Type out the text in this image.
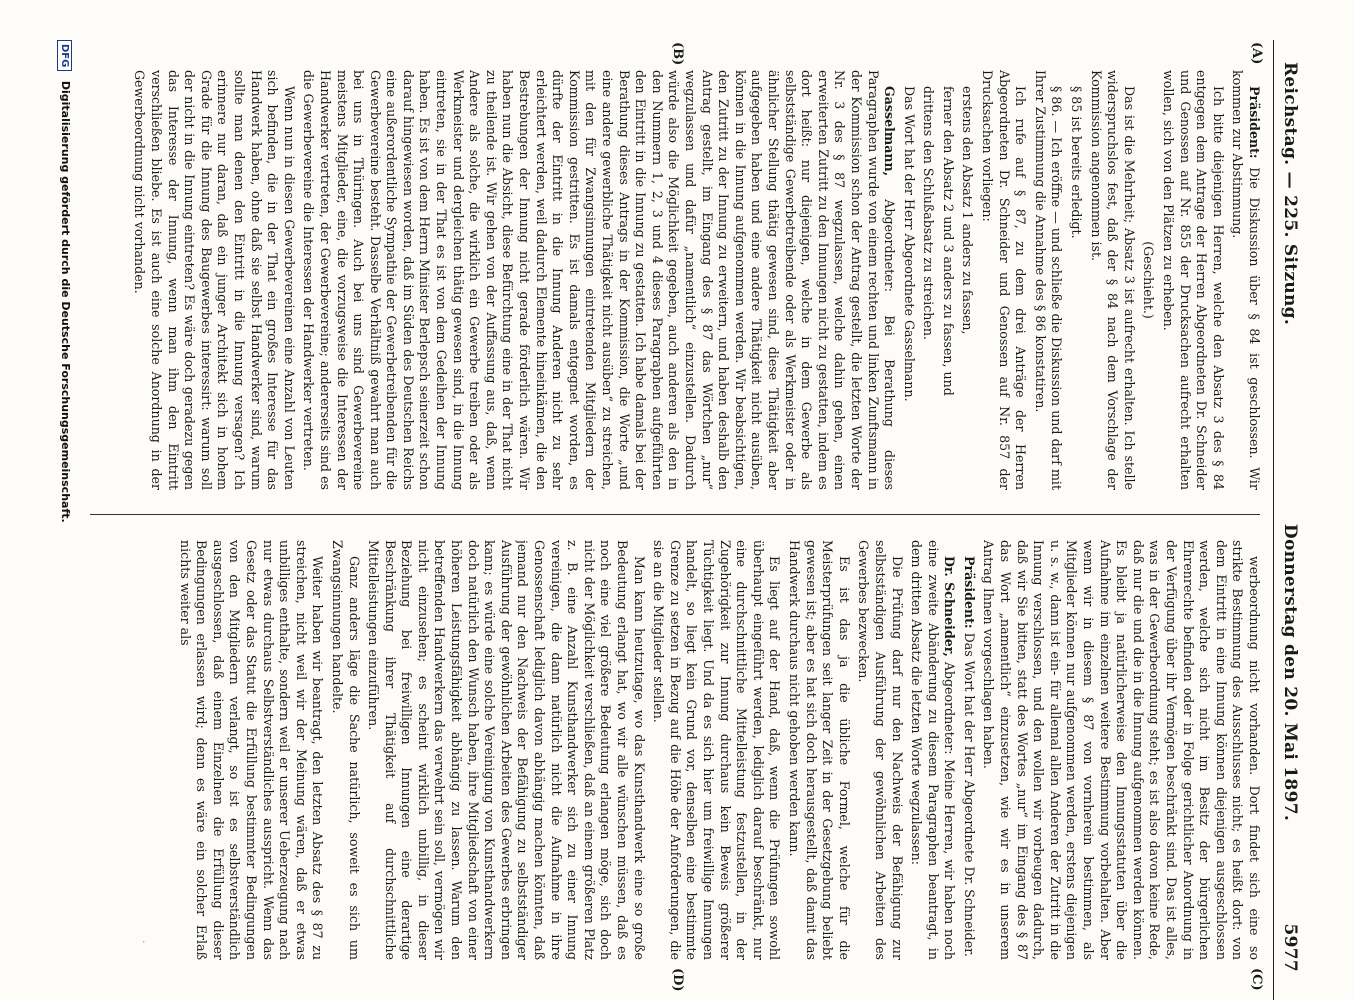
Reichstag. — 225. Sitzung.
Donnerstag den 20. Mai 1897.  5977
(A)
(B)
(C)
(D)

Präsident: Die Diskussion über § 84 ist geschlossen. Wir kommen zur Abstimmung.

Ich bitte diejenigen Herren, welche den Absatz 3 des § 84 entgegen dem Antrage der Herren Abgeordneten Dr. Schneider und Genossen auf Nr. 855 der Drucksachen aufrecht erhalten wollen, sich von den Plätzen zu erheben.

(Geschieht.)

Das ist die Mehrheit; Absatz 3 ist aufrecht erhalten. Ich stelle widerspruchslos fest, daß der § 84 nach dem Vorschlage der Kommission angenommen ist.

§ 85 ist bereits erledigt.

§ 86. — Ich eröffne — und schließe die Diskussion und darf mit Ihrer Zustimmung die Annahme des § 86 konstatiren.

Ich rufe auf § 87, zu dem drei Anträge der Herren Abgeordneten Dr. Schneider und Genossen auf Nr. 857 der Drucksachen vorliegen:

erstens den Absatz 1 anders zu fassen,

ferner den Absatz 2 und 3 anders zu fassen, und

drittens den Schlußabsatz zu streichen.

Das Wort hat der Herr Abgeordnete Gasselmann.

Gasselmann, Abgeordneter: Bei Berathung dieses Paragraphen wurde von einem rechten und linken Zunftsmann in der Kommission schon der Antrag gestellt, die letzten Worte der Nr. 3 des § 87 wegzulassen, welche dahin gehen, einen erweiterten Zutritt zu den Innungen nicht zu gestatten, indem es dort heißt: nur diejenigen, welche in dem Gewerbe als selbstständige Gewerbetreibende oder als Werkmeister oder in ähnlicher Stellung thätig gewesen sind, diese Thätigkeit aber aufgegeben haben und eine andere Thätigkeit nicht ausüben, können in die Innung aufgenommen werden. Wir beabsichtigen, den Zutritt zu der Innung zu erweitern, und haben deshalb den Antrag gestellt, im Eingang des § 87 das Wörtchen „nur“ wegzulassen und dafür „namentlich“ einzustellen. Dadurch würde also die Möglichkeit gegeben, auch anderen als den in den Nummern 1, 2, 3 und 4 dieses Paragraphen aufgeführten den Eintritt in die Innung zu gestatten. Ich habe damals bei der Berathung dieses Antrags in der Kommission, die Worte „und eine andere gewerbliche Thätigkeit nicht ausüben“ zu streichen, mit den für Zwangsinnungen eintretenden Mitgliedern der Kommission gestritten. Es ist damals entgegnet worden, es dürfte der Eintritt in die Innung Anderen nicht zu sehr erleichtert werden, weil dadurch Elemente hineinkämen, die den Bestrebungen der Innung nicht gerade förderlich wären. Wir haben nun die Absicht, diese Befürchtung eine in der That nicht zu theilende ist. Wir gehen von der Auffassung aus, daß, wenn Andere als solche, die wirklich ein Gewerbe treiben oder als Werkmeister und dergleichen thätig gewesen sind, in die Innung eintreten, sie in der That es ist von dem Gedeihen der Innung haben. Es ist von dem Herrn Minister Berlepsch seinerzeit schon darauf hingewiesen worden, daß im Süden des Deutschen Reichs eine außerordentliche Sympathie der Gewerbetreibenden für die Gewerbevereine besteht. Dasselbe Verhältniß gewahrt man auch bei uns in Thüringen. Auch bei uns sind Gewerbevereine meistens Mitglieder, eine, die vorzugsweise die Interessen der Handwerker vertreten, der Gewerbevereine; andererseits sind es die Gewerbevereine die Interessen der Handwerker vertreten.

Wenn nun in diesen Gewerbevereinen eine Anzahl von Leuten sich befinden, die in der That ein großes Interesse für das Handwerk haben, ohne daß sie selbst Handwerker sind, warum sollte man denen den Eintritt in die Innung versagen? Ich erinnere nur daran, daß ein junger Architekt sich in hohem Grade für die Innung des Baugewerbes interessirt: warum soll der nicht in die Innung eintreten? Es wäre doch geradezu gegen das Interesse der Innung, wenn man ihm den Eintritt verschließen bliebe. Es ist auch eine solche Anordnung in der Gewerbeordnung nicht vorhanden.

werbeordnung nicht vorhanden. Dort findet sich eine so strikte Bestimmung des Ausschlusses nicht; es heißt dort: von dem Eintritt in eine Innung können diejenigen ausgeschlossen werden, welche sich nicht im Besitz der bürgerlichen Ehrenrechte befinden oder in Folge gerichtlicher Anordnung in der Verfügung über ihr Vermögen beschränkt sind. Das ist alles, was in der Gewerbeordnung steht; es ist also davon keine Rede, daß nur die und die in die Innung aufgenommen werden können. Es bleibt ja natürlicherweise den Innungsstatuten über die Aufnahme im einzelnen weitere Bestimmung vorbehalten. Aber wenn wir in diesem § 87 von vornherein bestimmen, als Mitglieder können nur aufgenommen werden, erstens diejenigen u. s. w., dann ist ein- für allemal allen Anderen der Zutritt in die Innung verschlossen, und den wollen wir vorbeugen dadurch, daß wir Sie bitten, statt des Wortes „nur“ im Eingang des § 87 das Wort „namentlich“ einzusetzen, wie wir es in unserem Antrag Ihnen vorgeschlagen haben.

Präsident: Das Wort hat der Herr Abgeordnete Dr. Schneider.

Dr. Schneider, Abgeordneter: Meine Herren, wir haben noch eine zweite Abänderung zu diesem Paragraphen beantragt, in dem dritten Absatz die letzten Worte wegzulassen:

Die Prüfung darf nur den Nachweis der Befähigung zur selbstständigen Ausführung der gewöhnlichen Arbeiten des Gewerbes bezwecken.

Es ist das ja die übliche Formel, welche für die Meisterprüfungen seit langer Zeit in der Gesetzgebung beliebt gewesen ist; aber es hat sich doch herausgestellt, daß damit das Handwerk durchaus nicht gehoben werden kann.

Es liegt auf der Hand, daß, wenn die Prüfungen sowohl überhaupt eingeführt werden, lediglich darauf beschränkt, nur eine durchschnittliche Mittelleistung festzustellen, in der Zugehörigkeit zur Innung durchaus kein Beweis größerer Tüchtigkeit liegt. Und da es sich hier um freiwillige Innungen handelt, so liegt kein Grund vor, denselben eine bestimmte Grenze zu setzen in Bezug auf die Höhe der Anforderungen, die sie an die Mitglieder stellen.

Man kann heutzutage, wo das Kunsthandwerk eine so große Bedeutung erlangt hat, wo wir alle wünschen müssen, daß es noch eine viel größere Bedeutung erlangen möge, sich doch nicht der Möglichkeit verschließen, daß an einem größeren Platz z. B. eine Anzahl Kunsthandwerker sich zu einer Innung vereinigen, die dann natürlich nicht die Aufnahme in ihre Genossenschaft lediglich davon abhängig machen könnten, daß jemand nur den Nachweis der Befähigung zu selbstständiger Ausführung der gewöhnlichen Arbeiten des Gewerbes erbringen kann; es würde eine solche Vereinigung von Kunsthandwerkern doch natürlich den Wunsch haben, ihre Mitgliedschaft von einer höheren Leistungsfähigkeit abhängig zu lassen. Warum den betreffenden Handwerkern das verwehrt sein soll, vermögen wir nicht einzusehen; es scheint wirklich unbillig, in dieser Beziehung bei freiwilligen Innungen eine derartige Beschränkung ihrer Thätigkeit auf durchschnittliche Mittelleistungen einzuführen.

Ganz anders läge die Sache natürlich, soweit es sich um Zwangsinnungen handelte.

Weiter haben wir beantragt, den letzten Absatz des § 87 zu streichen, nicht weil wir der Meinung wären, daß er etwas unbilliges enthalte, sondern weil er unserer Ueberzeugung nach nur etwas durchaus Selbstverständliches ausspricht. Wenn das Gesetz oder das Statut die Erfüllung bestimmter Bedingungen von den Mitgliedern verlangt, so ist es selbstverständlich ausgeschlossen, daß einem Einzelnen die Erfüllung dieser Bedingungen erlassen wird; denn es wäre ein solcher Erlaß nichts weiter als

DFG Digitalisierung gefördert durch die Deutsche Forschungsgemeinschaft.
·
